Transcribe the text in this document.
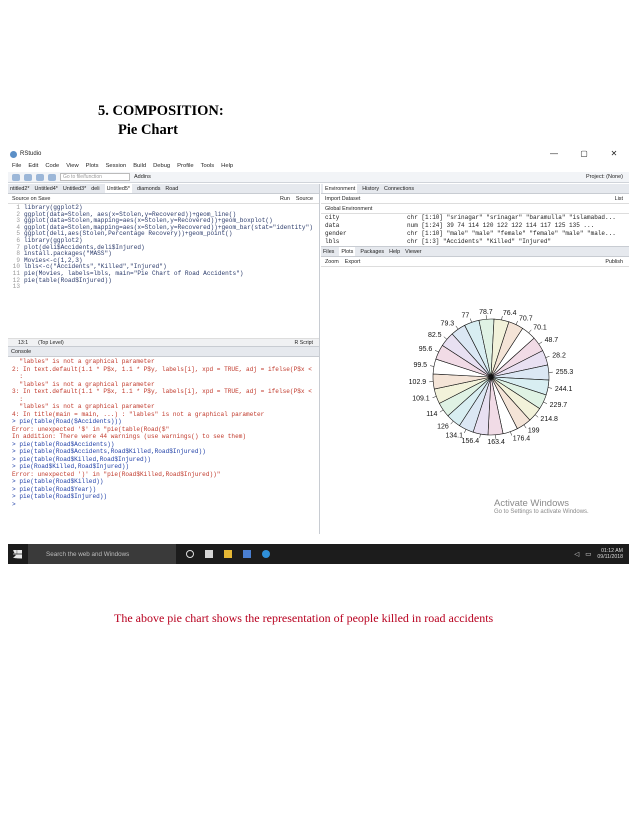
5. COMPOSITION:
Pie Chart
RStudio	—	▢	✕
File Edit Code View Plots Session Build Debug Profile Tools Help
Go to file/function	Addins	Project: (None)
ntitled2* Untitled4* Untitled3* deli	Untitled5*	diamonds Road
Source on Save	Run Source
1 library(ggplot2)
2 ggplot(data=Stolen, aes(x=Stolen,y=Recovered))+geom_line()
3 ggplot(data=Stolen,mapping=aes(x=Stolen,y=Recovered))+geom_boxplot()
4 ggplot(data=Stolen,mapping=aes(x=Stolen,y=Recovered))+geom_bar(stat="identity")
5 ggplot(deli,aes(Stolen,Percentage Recovery))+geom_point()
6 library(ggplot2)
7 plot(deli$Accidents,deli$Injured)
8 install.packages("MASS")
9 Movies<-c(1,2,3)
10 lbls<-c("Accidents","Killed","Injured")
11 pie(Movies, labels=lbls, main="Pie Chart of Road Accidents")
12 pie(table(Road$Injured))
13
13:1 (Top Level)	R Script
Console
"lables" is not a graphical parameter
2: In text.default(1.1 * P$x, 1.1 * P$y, labels[i], xpd = TRUE, adj = ifelse(P$x <
:
"lables" is not a graphical parameter
3: In text.default(1.1 * P$x, 1.1 * P$y, labels[i], xpd = TRUE, adj = ifelse(P$x <
:
"lables" is not a graphical parameter
4: In title(main = main, ...) : "lables" is not a graphical parameter
> pie(table(Road($Accidents)))
Error: unexpected '$' in "pie(table(Road($"
In addition: There were 44 warnings (use warnings() to see them)
> pie(table(Road$Accidents))
> pie(table(Road$Accidents,Road$Killed,Road$Injured))
> pie(table(Road$Killed,Road$Injured))
> pie(Road$Killed,Road$Injured))
Error: unexpected ')' in "pie(Road$Killed,Road$Injured))"
> pie(table(Road$Killed))
> pie(table(Road$Year))
> pie(table(Road$Injured))
>
Environment	History Connections
Import Dataset	List
Global Environment
city	chr [1:10] "srinagar" "srinagar" "baramulla" "islamabad...
data	num [1:24] 39 74 114 120 122 122 114 117 125 135 ...
gender	chr [1:10] "male" "male" "female" "female" "male" "male...
lbls	chr [1:3] "Accidents" "Killed" "Injured"
Files	Plots	Packages Help Viewer
Zoom Export	Publish
70.1
48.7
28.2
255.3
244.1
229.7
214.8
199
176.4
163.4
156.4
134.1
126
114
109.1
102.9
99.5
95.6
82.5
79.3
77
78.7 76.4
70.7
Activate Windows
Go to Settings to activate Windows.
Search the web and Windows	◁ ▭
01:12 AM
09/11/2018
The above pie chart shows the representation of people killed in road accidents
